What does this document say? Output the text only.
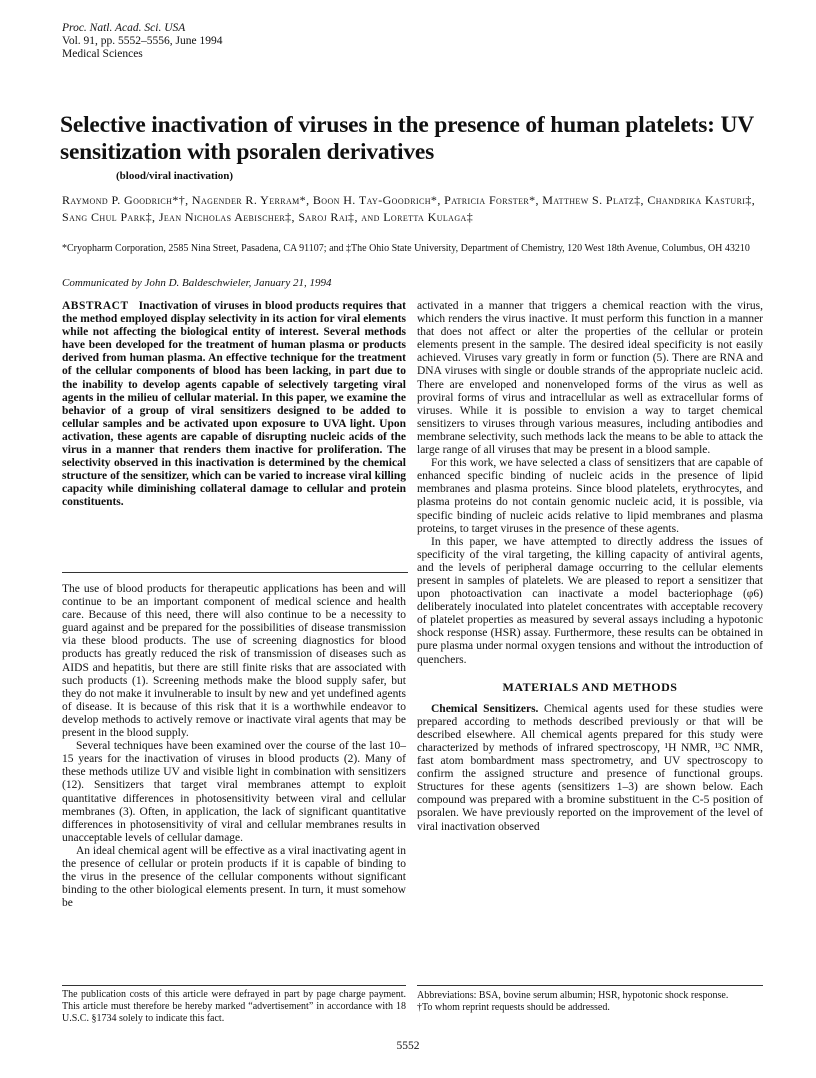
Proc. Natl. Acad. Sci. USA
Vol. 91, pp. 5552–5556, June 1994
Medical Sciences
Selective inactivation of viruses in the presence of human platelets: UV sensitization with psoralen derivatives
(blood/viral inactivation)
Raymond P. Goodrich*†, Nagender R. Yerram*, Boon H. Tay-Goodrich*, Patricia Forster*, Matthew S. Platz‡, Chandrika Kasturi‡, Sang Chul Park‡, Jean Nicholas Aebischer‡, Saroj Rai‡, and Loretta Kulaga‡
*Cryopharm Corporation, 2585 Nina Street, Pasadena, CA 91107; and ‡The Ohio State University, Department of Chemistry, 120 West 18th Avenue, Columbus, OH 43210
Communicated by John D. Baldeschwieler, January 21, 1994

ABSTRACT Inactivation of viruses in blood products requires that the method employed display selectivity in its action for viral elements while not affecting the biological entity of interest. Several methods have been developed for the treatment of human plasma or products derived from human plasma. An effective technique for the treatment of the cellular components of blood has been lacking, in part due to the inability to develop agents capable of selectively targeting viral agents in the milieu of cellular material. In this paper, we examine the behavior of a group of viral sensitizers designed to be added to cellular samples and be activated upon exposure to UVA light. Upon activation, these agents are capable of disrupting nucleic acids of the virus in a manner that renders them inactive for proliferation. The selectivity observed in this inactivation is determined by the chemical structure of the sensitizer, which can be varied to increase viral killing capacity while diminishing collateral damage to cellular and protein constituents.

The use of blood products for therapeutic applications has been and will continue to be an important component of medical science and health care. Because of this need, there will also continue to be a necessity to guard against and be prepared for the possibilities of disease transmission via these blood products. The use of screening diagnostics for blood products has greatly reduced the risk of transmission of diseases such as AIDS and hepatitis, but there are still finite risks that are associated with such products (1). Screening methods make the blood supply safer, but they do not make it invulnerable to insult by new and yet undefined agents of disease. It is because of this risk that it is a worthwhile endeavor to develop methods to actively remove or inactivate viral agents that may be present in the blood supply.

Several techniques have been examined over the course of the last 10–15 years for the inactivation of viruses in blood products (2). Many of these methods utilize UV and visible light in combination with sensitizers (12). Sensitizers that target viral membranes attempt to exploit quantitative differences in photosensitivity between viral and cellular membranes (3). Often, in application, the lack of significant quantitative differences in photosensitivity of viral and cellular membranes results in unacceptable levels of cellular damage.

An ideal chemical agent will be effective as a viral inactivating agent in the presence of cellular or protein products if it is capable of binding to the virus in the presence of the cellular components without significant binding to the other biological elements present. In turn, it must somehow be

activated in a manner that triggers a chemical reaction with the virus, which renders the virus inactive. It must perform this function in a manner that does not affect or alter the properties of the cellular or protein elements present in the sample. The desired ideal specificity is not easily achieved. Viruses vary greatly in form or function (5). There are RNA and DNA viruses with single or double strands of the appropriate nucleic acid. There are enveloped and nonenveloped forms of the virus as well as proviral forms of virus and intracellular as well as extracellular forms of viruses. While it is possible to envision a way to target chemical sensitizers to viruses through various measures, including antibodies and membrane selectivity, such methods lack the means to be able to attack the large range of all viruses that may be present in a blood sample.

For this work, we have selected a class of sensitizers that are capable of enhanced specific binding of nucleic acids in the presence of lipid membranes and plasma proteins. Since blood platelets, erythrocytes, and plasma proteins do not contain genomic nucleic acid, it is possible, via specific binding of nucleic acids relative to lipid membranes and plasma proteins, to target viruses in the presence of these agents.

In this paper, we have attempted to directly address the issues of specificity of the viral targeting, the killing capacity of antiviral agents, and the levels of peripheral damage occurring to the cellular elements present in samples of platelets. We are pleased to report a sensitizer that upon photoactivation can inactivate a model bacteriophage (φ6) deliberately inoculated into platelet concentrates with acceptable recovery of platelet properties as measured by several assays including a hypotonic shock response (HSR) assay. Furthermore, these results can be obtained in pure plasma under normal oxygen tensions and without the introduction of quenchers.

MATERIALS AND METHODS

Chemical Sensitizers. Chemical agents used for these studies were prepared according to methods described previously or that will be described elsewhere. All chemical agents prepared for this study were characterized by methods of infrared spectroscopy, ¹H NMR, ¹³C NMR, fast atom bombardment mass spectrometry, and UV spectroscopy to confirm the assigned structure and presence of functional groups. Structures for these agents (sensitizers 1–3) are shown below. Each compound was prepared with a bromine substituent in the C-5 position of psoralen. We have previously reported on the improvement of the level of viral inactivation observed

The publication costs of this article were defrayed in part by page charge payment. This article must therefore be hereby marked “advertisement” in accordance with 18 U.S.C. §1734 solely to indicate this fact.
Abbreviations: BSA, bovine serum albumin; HSR, hypotonic shock response.
†To whom reprint requests should be addressed.
5552
